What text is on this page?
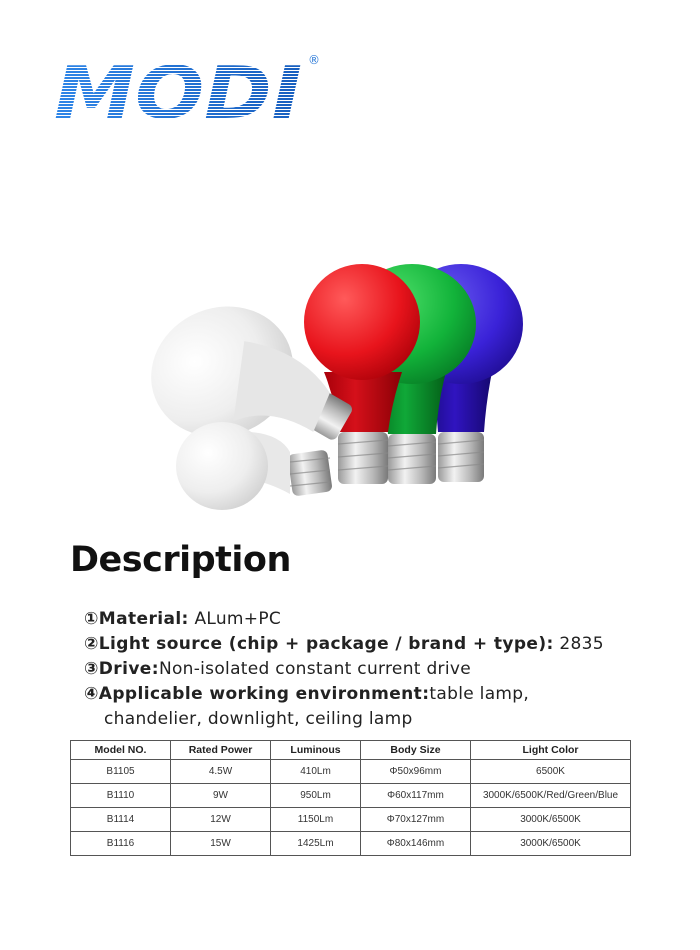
MODI ®
Description
①Material: ALum+PC
②Light source (chip + package / brand + type): 2835
③Drive:Non-isolated constant current drive
④Applicable working environment:table lamp,
chandelier, downlight, ceiling lamp
Model NO.	Rated Power	Luminous	Body Size	Light Color
B1105	4.5W	410Lm	Φ50x96mm	6500K
B1110	9W	950Lm	Φ60x117mm	3000K/6500K/Red/Green/Blue
B1114	12W	1150Lm	Φ70x127mm	3000K/6500K
B1116	15W	1425Lm	Φ80x146mm	3000K/6500K
